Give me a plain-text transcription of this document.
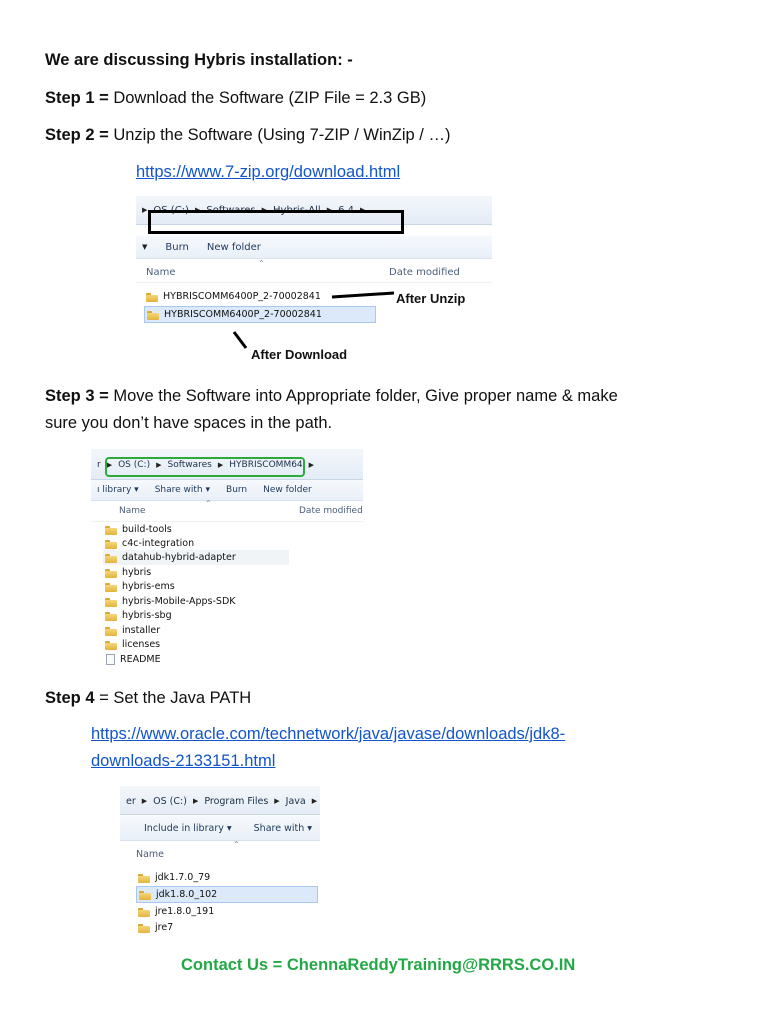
We are discussing Hybris installation: -
Step 1 = Download the Software (ZIP File = 2.3 GB)
Step 2 = Unzip the Software (Using 7-ZIP / WinZip / …)
https://www.7-zip.org/download.html
▶ OS (C:) ▶ Softwares ▶ Hybris-All ▶ 6.4 ▶
▼ Burn New folder
⌃
Name	Date modified
HYBRISCOMM6400P_2-70002841
HYBRISCOMM6400P_2-70002841
After Unzip
After Download
Step 3 = Move the Software into Appropriate folder, Give proper name & make
sure you don’t have spaces in the path.
r ▶ OS (C:) ▶ Softwares ▶ HYBRISCOMM64 ▶
ı library ▾ Share with ▾ Burn New folder
⌃
Name	Date modified
build-tools
c4c-integration
datahub-hybrid-adapter
hybris
hybris-ems
hybris-Mobile-Apps-SDK
hybris-sbg
installer
licenses
README
Step 4 = Set the Java PATH
https://www.oracle.com/technetwork/java/javase/downloads/jdk8-
downloads-2133151.html
er ▶ OS (C:) ▶ Program Files ▶ Java ▶
Include in library ▾ Share with ▾
⌃
Name
jdk1.7.0_79
jdk1.8.0_102
jre1.8.0_191
jre7
Contact Us = ChennaReddyTraining@RRRS.CO.IN
